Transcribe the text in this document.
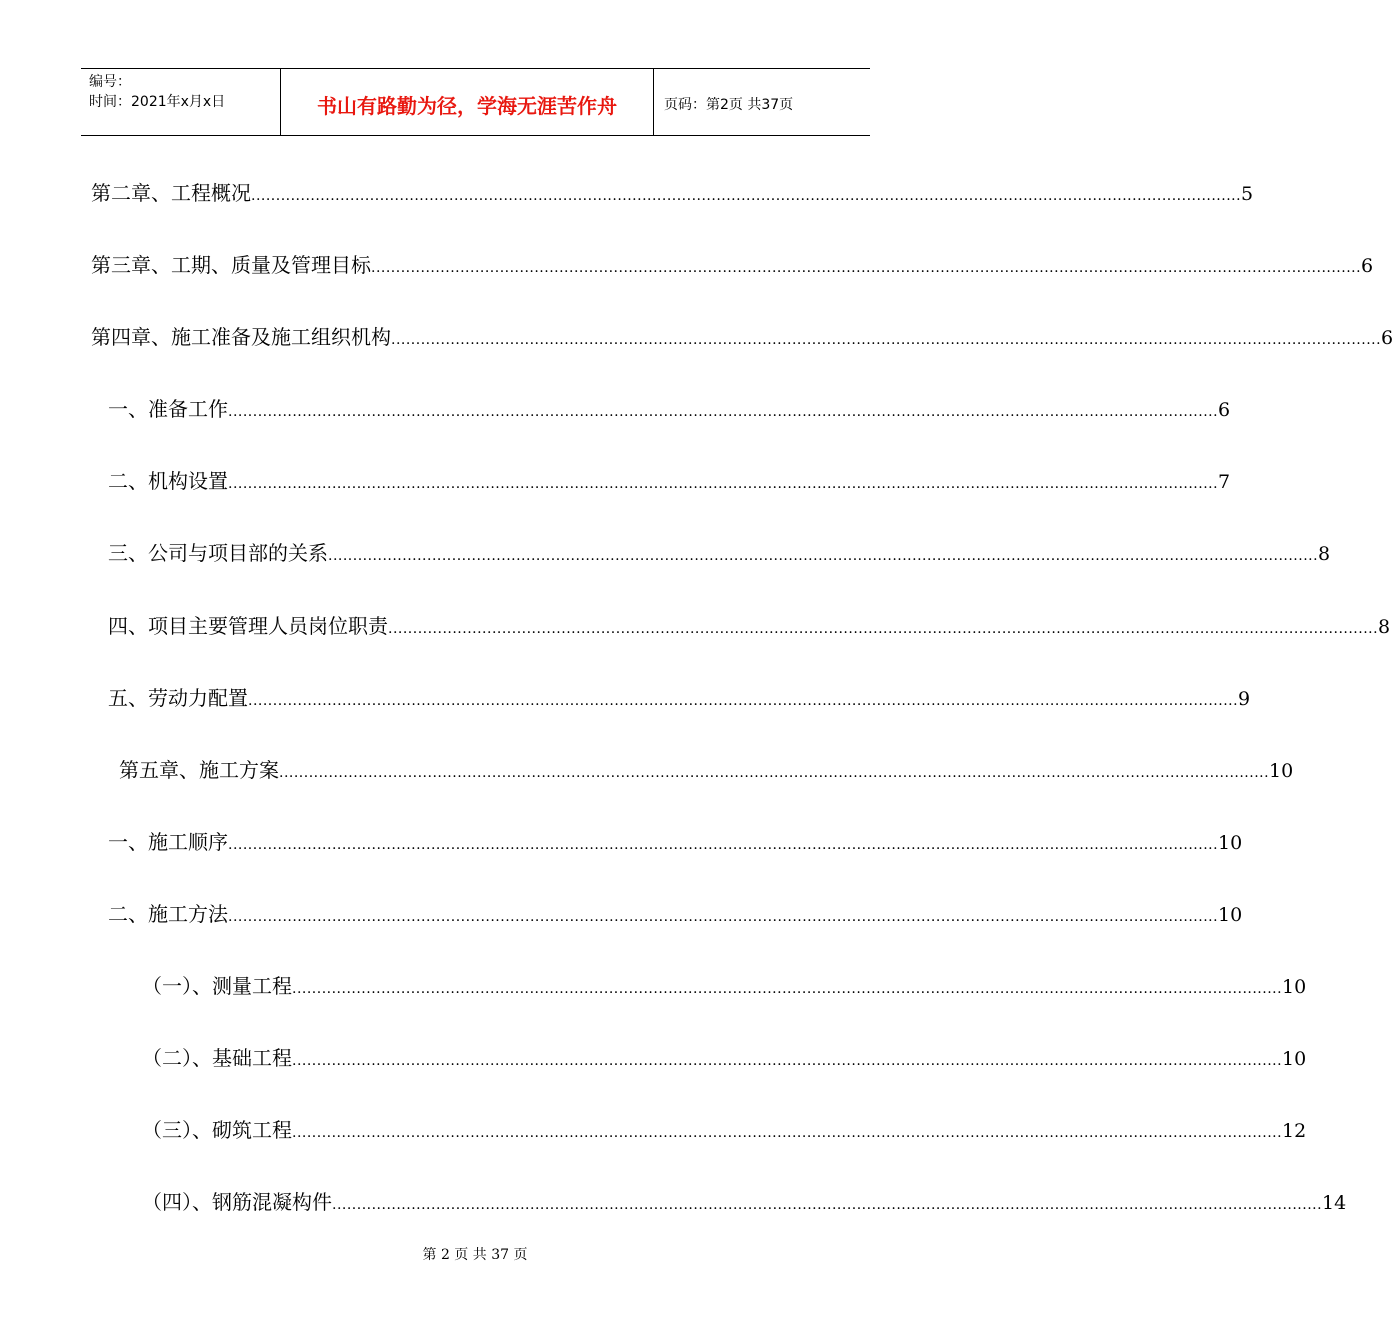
编号：
时间：2021年x月x日	书山有路勤为径，学海无涯苦作舟	页码：第2页 共37页
第二章、工程概况 ........................................................................................................................................................................................................ 5
第三章、工期、质量及管理目标 ........................................................................................................................................................................................................ 6
第四章、施工准备及施工组织机构 ........................................................................................................................................................................................................ 6
一、准备工作 ........................................................................................................................................................................................................ 6
二、机构设置 ........................................................................................................................................................................................................ 7
三、公司与项目部的关系 ........................................................................................................................................................................................................ 8
四、项目主要管理人员岗位职责 ........................................................................................................................................................................................................ 8
五、劳动力配置 ........................................................................................................................................................................................................ 9
第五章、施工方案 ........................................................................................................................................................................................................ 10
一、施工顺序 ........................................................................................................................................................................................................ 10
二、施工方法 ........................................................................................................................................................................................................ 10
（一）、测量工程 ........................................................................................................................................................................................................ 10
（二）、基础工程 ........................................................................................................................................................................................................ 10
（三）、砌筑工程 ........................................................................................................................................................................................................ 12
（四）、钢筋混凝构件 ........................................................................................................................................................................................................ 14
第 2 页 共 37 页
